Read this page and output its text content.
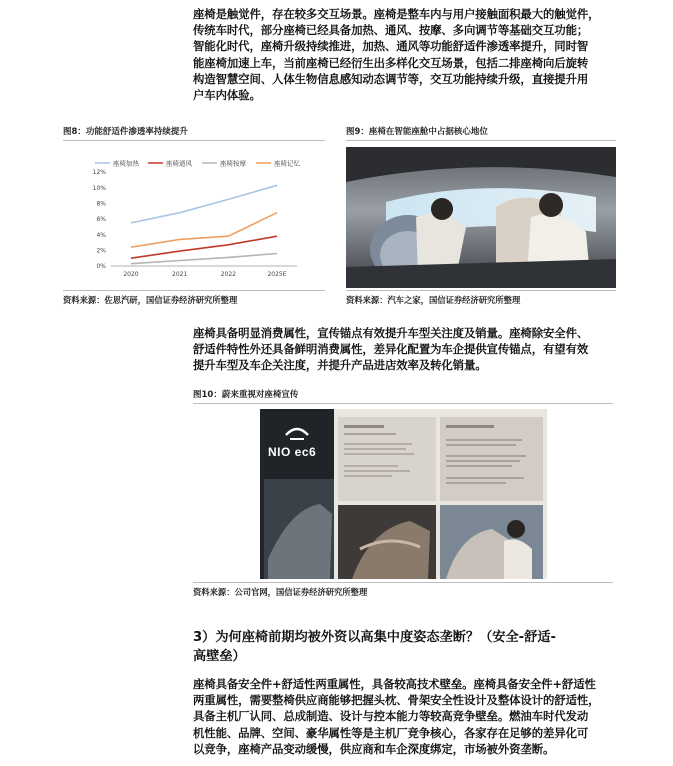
座椅是触觉件，存在较多交互场景。座椅是整车内与用户接触面积最大的触觉件，
传统车时代，部分座椅已经具备加热、通风、按摩、多向调节等基础交互功能；
智能化时代，座椅升级持续推进，加热、通风等功能舒适件渗透率提升，同时智
能座椅加速上车，当前座椅已经衍生出多样化交互场景，包括二排座椅向后旋转
构造智慧空间、人体生物信息感知动态调节等，交互功能持续升级，直接提升用
户车内体验。

图8：功能舒适件渗透率持续提升

座椅加热	座椅通风	座椅按摩	座椅记忆
0%
2%
4%
6%
8%
10%
12%
2020	2021	2022	2025E

资料来源：佐思汽研，国信证券经济研究所整理

图9：座椅在智能座舱中占据核心地位

资料来源：汽车之家，国信证券经济研究所整理

座椅具备明显消费属性，宣传锚点有效提升车型关注度及销量。座椅除安全件、
舒适件特性外还具备鲜明消费属性，差异化配置为车企提供宣传锚点，有望有效
提升车型及车企关注度，并提升产品进店效率及转化销量。

图10：蔚来重视对座椅宣传

NIO ec6

资料来源：公司官网，国信证券经济研究所整理

3）为何座椅前期均被外资以高集中度姿态垄断？（安全-舒适-
高壁垒）
座椅具备安全件+舒适性两重属性，具备较高技术壁垒。座椅具备安全件+舒适性
两重属性，需要整椅供应商能够把握头枕、骨架安全性设计及整体设计的舒适性，
具备主机厂认同、总成制造、设计与控本能力等较高竞争壁垒。燃油车时代发动
机性能、品牌、空间、豪华属性等是主机厂竞争核心，各家存在足够的差异化可
以竞争，座椅产品变动缓慢，供应商和车企深度绑定，市场被外资垄断。
